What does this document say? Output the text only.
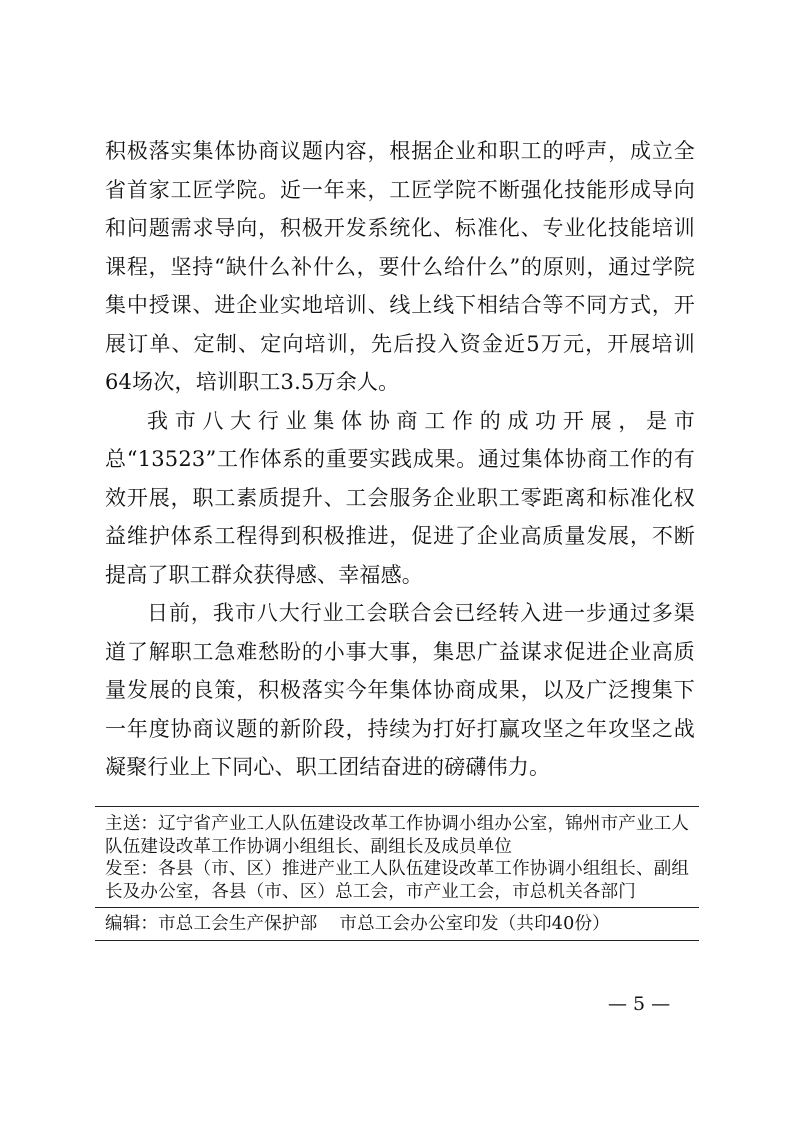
积极落实集体协商议题内容，根据企业和职工的呼声，成立全省首家工匠学院。近一年来，工匠学院不断强化技能形成导向和问题需求导向，积极开发系统化、标准化、专业化技能培训课程，坚持“缺什么补什么，要什么给什么”的原则，通过学院集中授课、进企业实地培训、线上线下相结合等不同方式，开展订单、定制、定向培训，先后投入资金近5万元，开展培训64场次，培训职工3.5万余人。

我市八大行业集体协商工作的成功开展，是市总“13523”工作体系的重要实践成果。通过集体协商工作的有效开展，职工素质提升、工会服务企业职工零距离和标准化权益维护体系工程得到积极推进，促进了企业高质量发展，不断提高了职工群众获得感、幸福感。

日前，我市八大行业工会联合会已经转入进一步通过多渠道了解职工急难愁盼的小事大事，集思广益谋求促进企业高质量发展的良策，积极落实今年集体协商成果，以及广泛搜集下一年度协商议题的新阶段，持续为打好打赢攻坚之年攻坚之战凝聚行业上下同心、职工团结奋进的磅礴伟力。

主送：辽宁省产业工人队伍建设改革工作协调小组办公室，锦州市产业工人队伍建设改革工作协调小组组长、副组长及成员单位
发至：各县（市、区）推进产业工人队伍建设改革工作协调小组组长、副组长及办公室，各县（市、区）总工会，市产业工会，市总机关各部门
编辑：市总工会生产保护部 市总工会办公室印发（共印40份）
— 5 —
